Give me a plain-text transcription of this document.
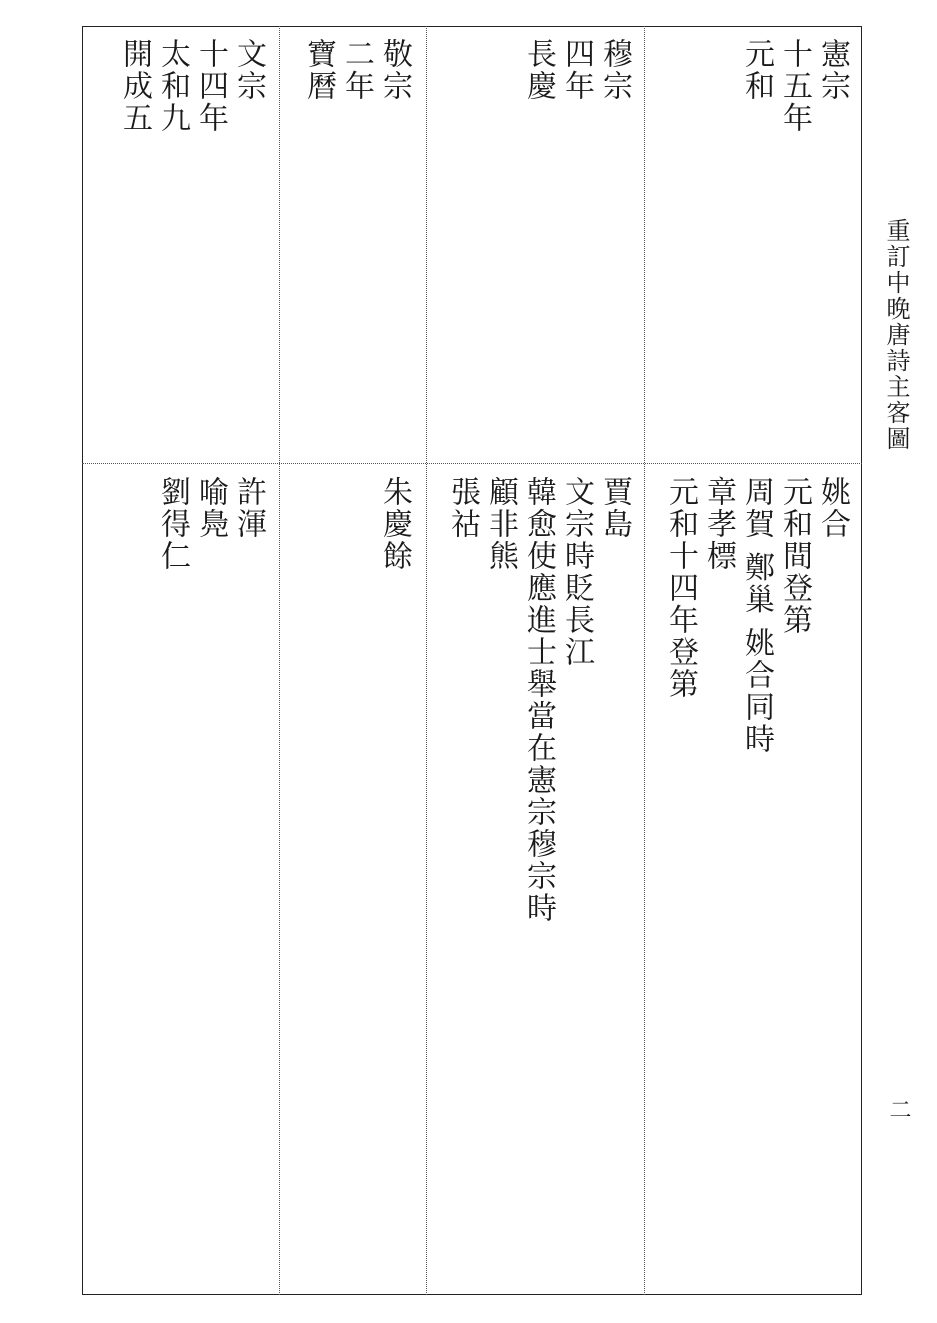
重訂中晚唐詩主客圖
二
憲宗
十五年
元和
姚合
元和間登第
周賀 鄭巢 姚合同時
章孝標
元和十四年登第
穆宗
四年
長慶
賈島
文宗時貶長江
韓愈使應進士舉當在憲宗穆宗時
顧非熊
張祜
敬宗
二年
寶曆
朱慶餘
文宗
十四年
太和九
開成五
許渾
喻鳧
劉得仁
